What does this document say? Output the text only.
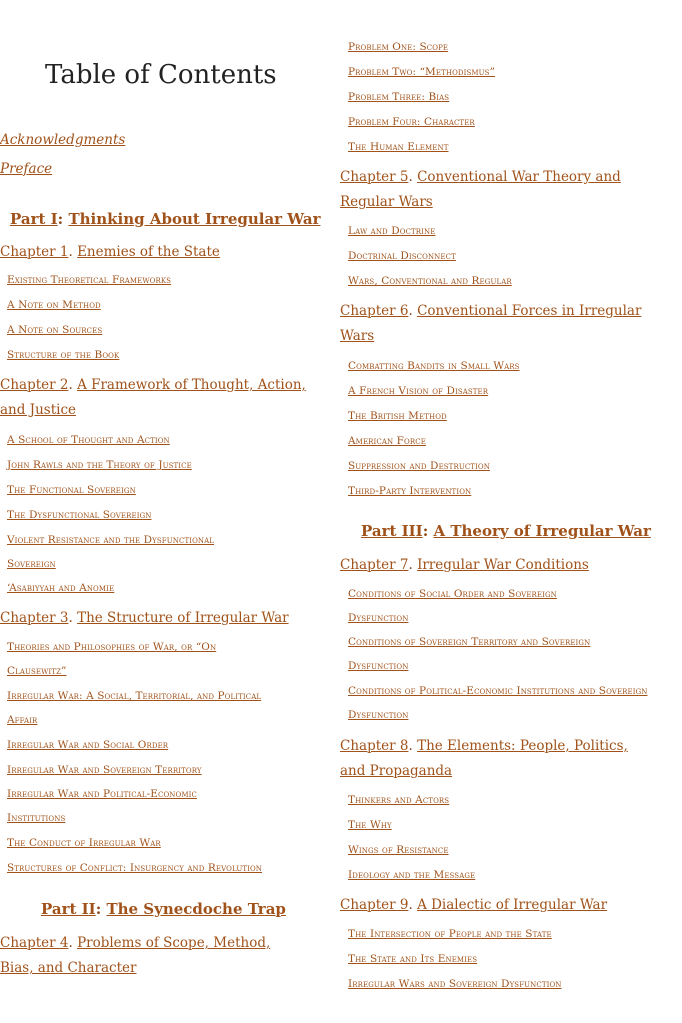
Table of Contents
Acknowledgments
Preface
Part I: Thinking About Irregular War
Chapter 1. Enemies of the State
Existing Theoretical Frameworks
A Note on Method
A Note on Sources
Structure of the Book
Chapter 2. A Framework of Thought, Action, and Justice
A School of Thought and Action
John Rawls and the Theory of Justice
The Functional Sovereign
The Dysfunctional Sovereign
Violent Resistance and the Dysfunctional Sovereign
‘Asabiyyah and Anomie
Chapter 3. The Structure of Irregular War
Theories and Philosophies of War, or “On Clausewitz”
Irregular War: A Social, Territorial, and Political Affair
Irregular War and Social Order
Irregular War and Sovereign Territory
Irregular War and Political-Economic Institutions
The Conduct of Irregular War
Structures of Conflict: Insurgency and Revolution
Part II: The Synecdoche Trap
Chapter 4. Problems of Scope, Method, Bias, and Character
Problem One: Scope
Problem Two: “Methodismus”
Problem Three: Bias
Problem Four: Character
The Human Element
Chapter 5. Conventional War Theory and Regular Wars
Law and Doctrine
Doctrinal Disconnect
Wars, Conventional and Regular
Chapter 6. Conventional Forces in Irregular Wars
Combatting Bandits in Small Wars
A French Vision of Disaster
The British Method
American Force
Suppression and Destruction
Third-Party Intervention
Part III: A Theory of Irregular War
Chapter 7. Irregular War Conditions
Conditions of Social Order and Sovereign Dysfunction
Conditions of Sovereign Territory and Sovereign Dysfunction
Conditions of Political-Economic Institutions and Sovereign Dysfunction
Chapter 8. The Elements: People, Politics, and Propaganda
Thinkers and Actors
The Why
Wings of Resistance
Ideology and the Message
Chapter 9. A Dialectic of Irregular War
The Intersection of People and the State
The State and Its Enemies
Irregular Wars and Sovereign Dysfunction
